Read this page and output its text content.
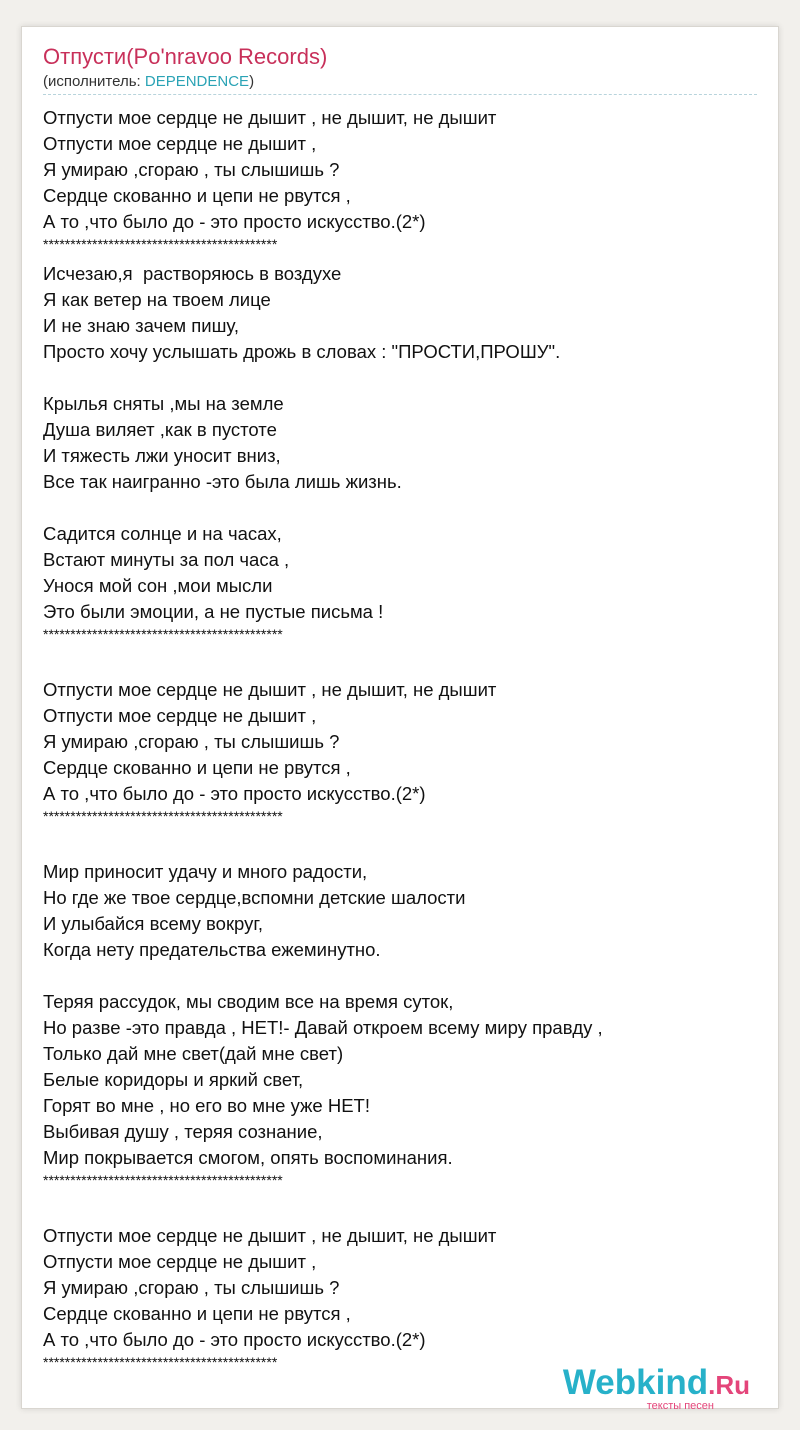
Отпусти(Po'nravoo Records)
(исполнитель: DEPENDENCE)
Отпусти мое сердце не дышит , не дышит, не дышит
Отпусти мое сердце не дышит ,
Я умираю ,сгораю , ты слышишь ?
Сердце скованно и цепи не рвутся ,
А то ,что было до - это просто искусство.(2*)
*******************************************
Исчезаю,я  растворяюсь в воздухе
Я как ветер на твоем лице
И не знаю зачем пишу,
Просто хочу услышать дрожь в словах : "ПРОСТИ,ПРОШУ".

Крылья сняты ,мы на земле
Душа виляет ,как в пустоте
И тяжесть лжи уносит вниз,
Все так наигранно -это была лишь жизнь.

Садится солнце и на часах,
Встают минуты за пол часа ,
Унося мой сон ,мои мысли
Это были эмоции, а не пустые письма !
********************************************

Отпусти мое сердце не дышит , не дышит, не дышит
Отпусти мое сердце не дышит ,
Я умираю ,сгораю , ты слышишь ?
Сердце скованно и цепи не рвутся ,
А то ,что было до - это просто искусство.(2*)
********************************************

Мир приносит удачу и много радости,
Но где же твое сердце,вспомни детские шалости
И улыбайся всему вокруг,
Когда нету предательства ежеминутно.

Теряя рассудок, мы сводим все на время суток,
Но разве -это правда , НЕТ!- Давай откроем всему миру правду ,
Только дай мне свет(дай мне свет)
Белые коридоры и яркий свет,
Горят во мне , но его во мне уже НЕТ!
Выбивая душу , теряя сознание,
Мир покрывается смогом, опять воспоминания.
********************************************

Отпусти мое сердце не дышит , не дышит, не дышит
Отпусти мое сердце не дышит ,
Я умираю ,сгораю , ты слышишь ?
Сердце скованно и цепи не рвутся ,
А то ,что было до - это просто искусство.(2*)
*******************************************
Webkind.Ru
тексты песен
